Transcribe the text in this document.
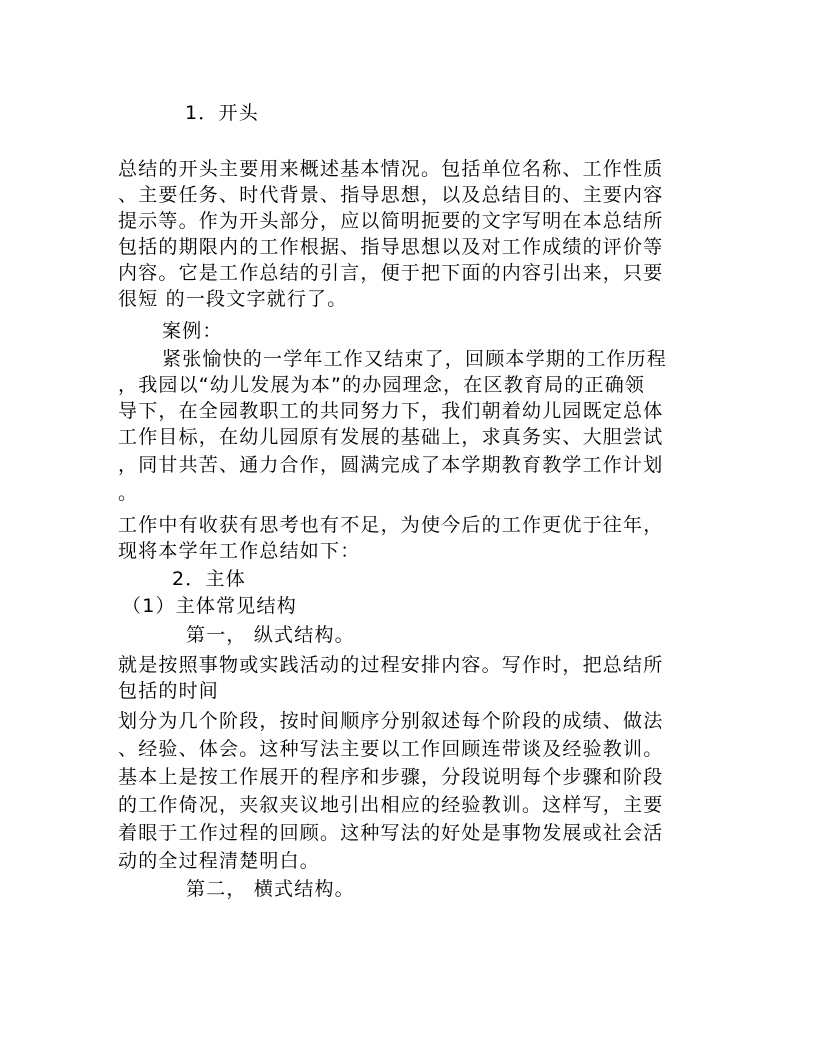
1．开头
总结的开头主要用来概述基本情况。包括单位名称、工作性质
、主要任务、时代背景、指导思想，以及总结目的、主要内容
提示等。作为开头部分，应以简明扼要的文字写明在本总结所
包括的期限内的工作根据、指导思想以及对工作成绩的评价等
内容。它是工作总结的引言，便于把下面的内容引出来，只要
很短 的一段文字就行了。
案例：
紧张愉快的一学年工作又结束了，回顾本学期的工作历程
，我园以“幼儿发展为本”的办园理念，在区教育局的正确领
导下，在全园教职工的共同努力下，我们朝着幼儿园既定总体
工作目标，在幼儿园原有发展的基础上，求真务实、大胆尝试
，同甘共苦、通力合作，圆满完成了本学期教育教学工作计划
。
工作中有收获有思考也有不足，为使今后的工作更优于往年，
现将本学年工作总结如下：
2．主体
（1）主体常见结构
第一， 纵式结构。
就是按照事物或实践活动的过程安排内容。写作时，把总结所
包括的时间
划分为几个阶段，按时间顺序分别叙述每个阶段的成绩、做法
、经验、体会。这种写法主要以工作回顾连带谈及经验教训。
基本上是按工作展开的程序和步骤，分段说明每个步骤和阶段
的工作倚况，夹叙夹议地引出相应的经验教训。这样写，主要
着眼于工作过程的回顾。这种写法的好处是事物发展或社会活
动的全过程清楚明白。
第二， 横式结构。
